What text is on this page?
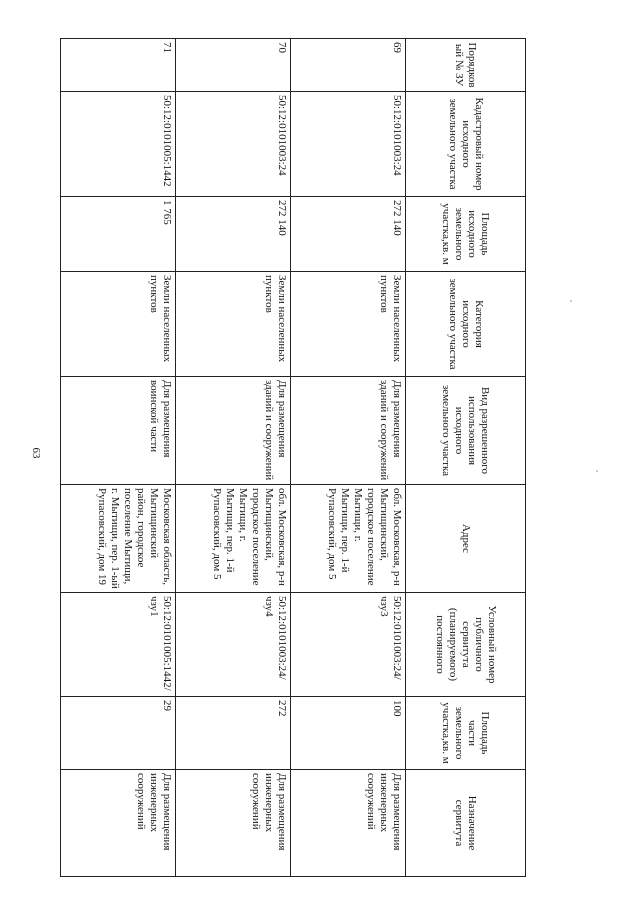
63
Порядковый № ЗУ	Кадастровый номер исходного земельного участка	Площадь исходного земельного участка,кв. м	Категория исходного земельного участка	Вид разрешенного использования исходного земельного участка	Адрес	Условный номер публичного сервитута (планируемого) постоянного	Площадь части земельного участка,кв. м	Назначение сервитута
69	50:12:0101003:24	272 140	Земли населенных пунктов	Для размещения зданий и сооружений	обл. Московская, р-н Мытищинский, городское поселение Мытищи, г. Мытищи, пер. 1-й Рупасовский, дом 5	50:12:0101003:24/чзу3	100	Для размещения инженерных сооружений
70	50:12:0101003:24	272 140	Земли населенных пунктов	Для размещения зданий и сооружений	обл. Московская, р-н Мытищинский, городское поселение Мытищи, г. Мытищи, пер. 1-й Рупасовский, дом 5	50:12:0101003:24/чзу4	272	Для размещения инженерных сооружений
71	50:12:0101005:1442	1 765	Земли населенных пунктов	Для размещения воинской части	Московская область, Мытищинский район, городское поселение Мытищи, г. Мытищи, пер. 1-ый Рупасовский, дом 19	50:12:0101005:1442/чзу1	29	Для размещения инженерных сооружений
